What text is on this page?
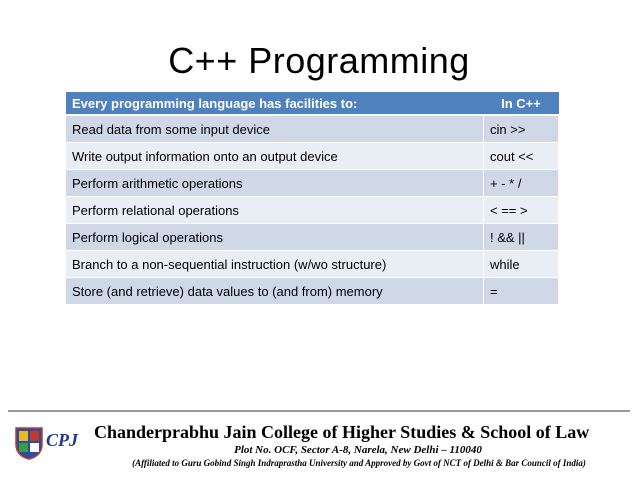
C++ Programming
Every programming language has facilities to:	In C++
Read data from some input device	cin >>
Write output information onto an output device	cout <<
Perform arithmetic operations	+ - * /
Perform relational operations	< == >
Perform logical operations	! && ||
Branch to a non-sequential instruction (w/wo structure)	while
Store (and retrieve) data values to (and from) memory	=
CPJ Chanderprabhu Jain College of Higher Studies & School of Law
Plot No. OCF, Sector A-8, Narela, New Delhi – 110040
(Affiliated to Guru Gobind Singh Indraprastha University and Approved by Govt of NCT of Delhi & Bar Council of India)
